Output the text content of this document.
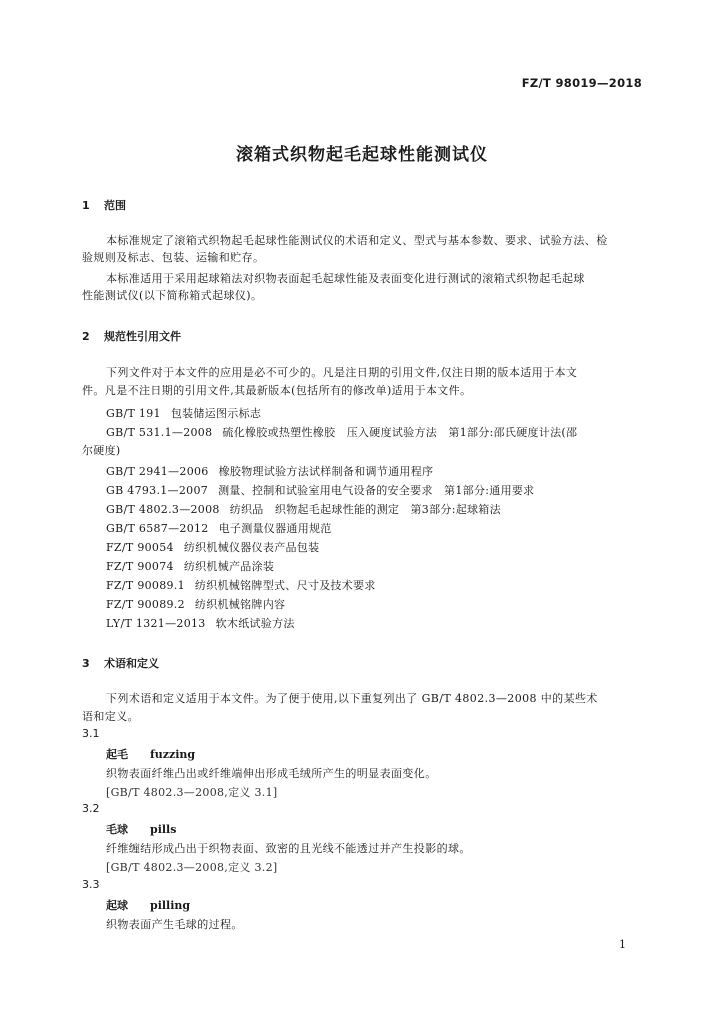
FZ/T 98019—2018
滚箱式织物起毛起球性能测试仪
1 范围
本标准规定了滚箱式织物起毛起球性能测试仪的术语和定义、型式与基本参数、要求、试验方法、检
验规则及标志、包装、运输和贮存。
本标准适用于采用起球箱法对织物表面起毛起球性能及表面变化进行测试的滚箱式织物起毛起球
性能测试仪(以下简称箱式起球仪)。
2 规范性引用文件
下列文件对于本文件的应用是必不可少的。凡是注日期的引用文件,仅注日期的版本适用于本文
件。凡是不注日期的引用文件,其最新版本(包括所有的修改单)适用于本文件。
GB/T 191 包装储运图示标志
GB/T 531.1—2008 硫化橡胶或热塑性橡胶　压入硬度试验方法　第1部分:邵氏硬度计法(邵
尔硬度)
GB/T 2941—2006 橡胶物理试验方法试样制备和调节通用程序
GB 4793.1—2007 测量、控制和试验室用电气设备的安全要求　第1部分:通用要求
GB/T 4802.3—2008 纺织品　织物起毛起球性能的测定　第3部分:起球箱法
GB/T 6587—2012 电子测量仪器通用规范
FZ/T 90054 纺织机械仪器仪表产品包装
FZ/T 90074 纺织机械产品涂装
FZ/T 90089.1 纺织机械铭牌型式、尺寸及技术要求
FZ/T 90089.2 纺织机械铭牌内容
LY/T 1321—2013 软木纸试验方法
3 术语和定义
下列术语和定义适用于本文件。为了便于使用,以下重复列出了 GB/T 4802.3—2008 中的某些术
语和定义。
3.1
起毛 fuzzing
织物表面纤维凸出或纤维端伸出形成毛绒所产生的明显表面变化。
[GB/T 4802.3—2008,定义 3.1]
3.2
毛球 pills
纤维缠结形成凸出于织物表面、致密的且光线不能透过并产生投影的球。
[GB/T 4802.3—2008,定义 3.2]
3.3
起球 pilling
织物表面产生毛球的过程。
1
